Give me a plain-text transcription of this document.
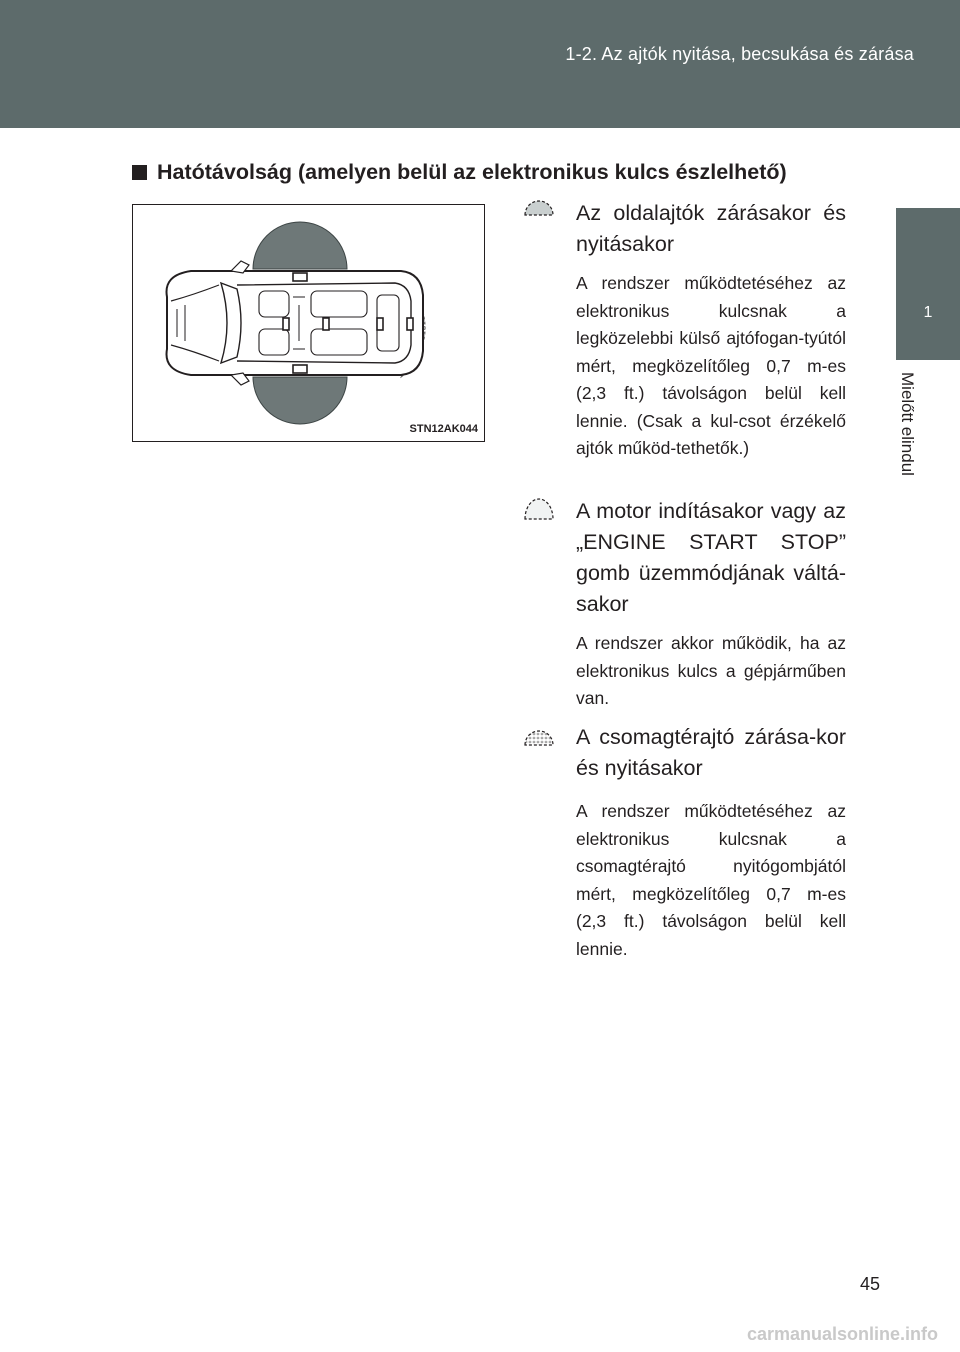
1-2. Az ajtók nyitása, becsukása és zárása
1
Mielőtt elindul
Hatótávolság (amelyen belül az elektronikus kulcs észlelhető)
STN12AK044
Az oldalajtók zárásakor és nyitásakor
A rendszer működtetéséhez az elektronikus kulcsnak a legközelebbi külső ajtófogan-tyútól mért, megközelítőleg 0,7 m-es (2,3 ft.) távolságon belül kell lennie. (Csak a kul-csot érzékelő ajtók működ-tethetők.)
A motor indításakor vagy az „ENGINE START STOP” gomb üzemmódjának váltá-sakor
A rendszer akkor működik, ha az elektronikus kulcs a gépjárműben van.
A csomagtérajtó zárása-kor és nyitásakor
A rendszer működtetéséhez az elektronikus kulcsnak a csomagtérajtó nyitógombjától mért, megközelítőleg 0,7 m-es (2,3 ft.) távolságon belül kell lennie.
45
carmanualsonline.info
